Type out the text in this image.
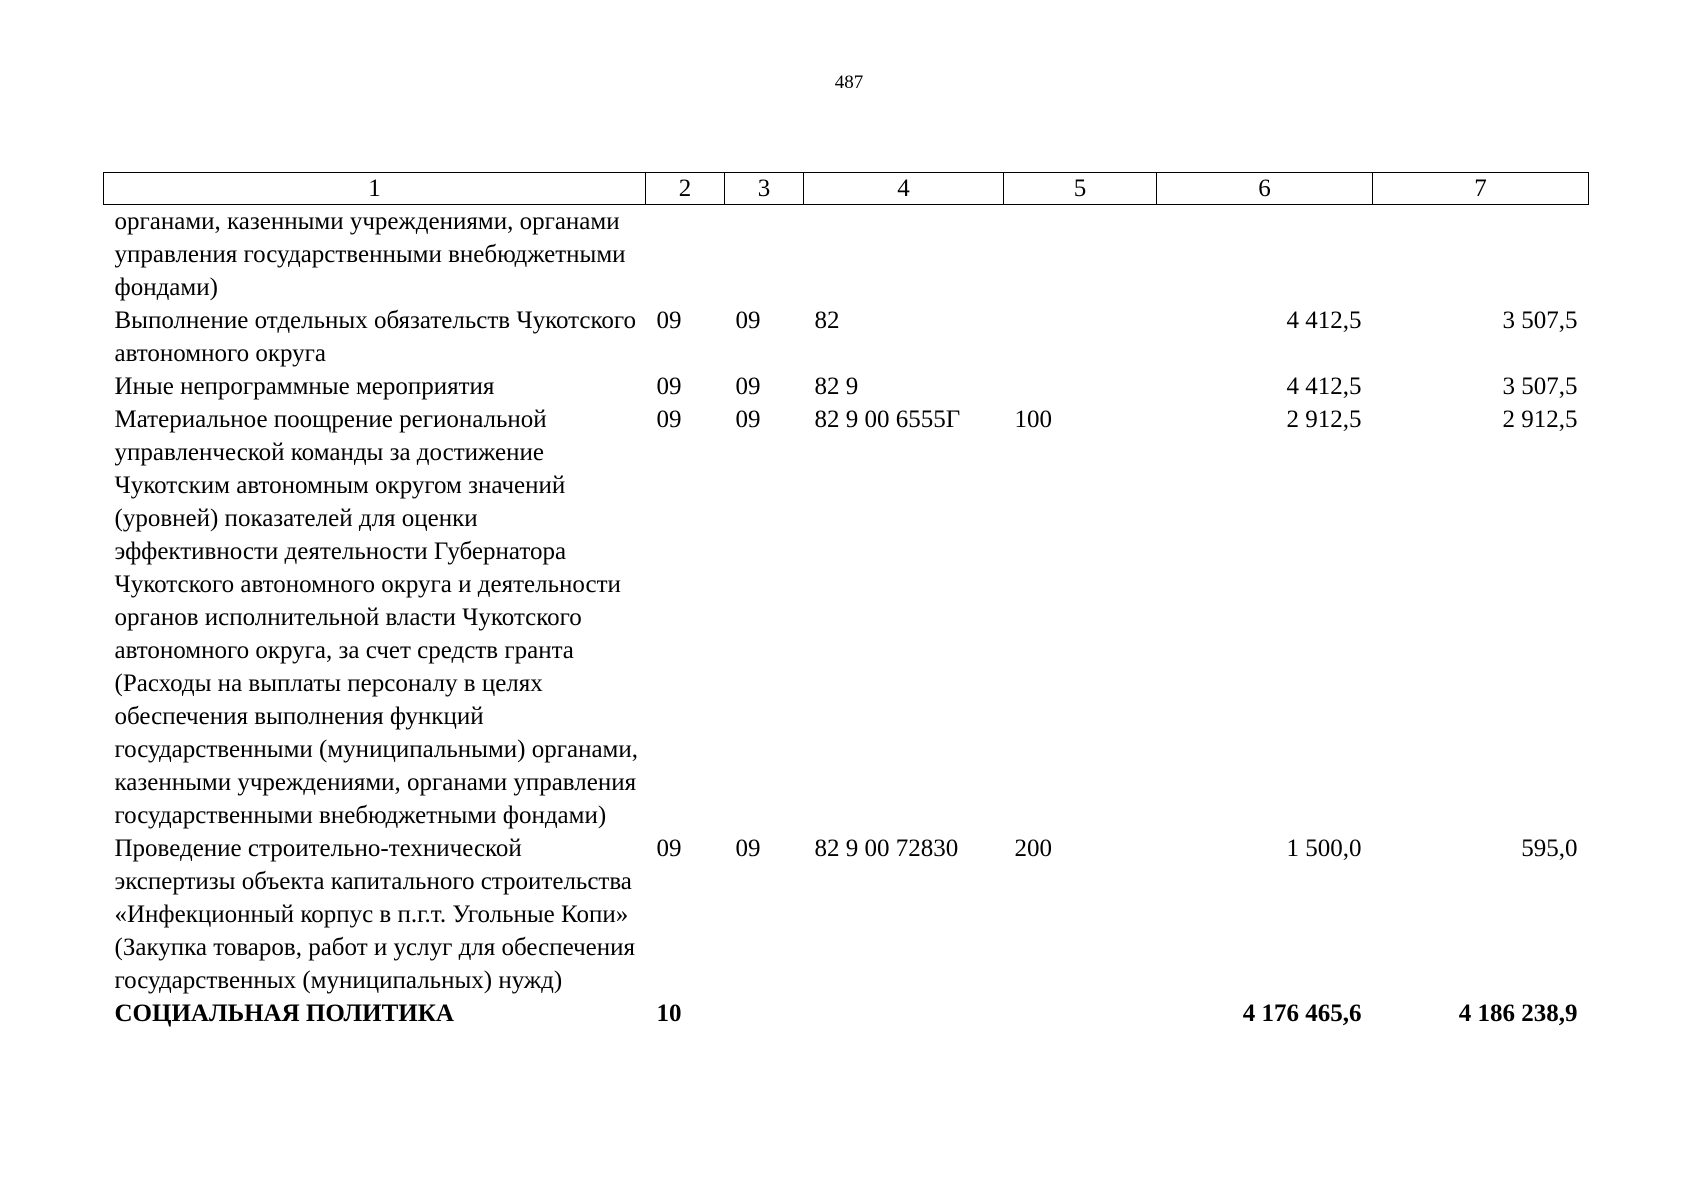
487
1	2	3	4	5	6	7
органами, казенными учреждениями, органами управления государственными внебюджетными фондами)						
Выполнение отдельных обязательств Чукотского автономного округа	09	09	82		4 412,5	3 507,5
Иные непрограммные мероприятия	09	09	82 9		4 412,5	3 507,5
Материальное поощрение региональной управленческой команды за достижение Чукотским автономным округом значений (уровней) показателей для оценки эффективности деятельности Губернатора Чукотского автономного округа и деятельности органов исполнительной власти Чукотского автономного округа, за счет средств гранта (Расходы на выплаты персоналу в целях обеспечения выполнения функций государственными (муниципальными) органами, казенными учреждениями, органами управления государственными внебюджетными фондами)	09	09	82 9 00 6555Г	100	2 912,5	2 912,5
Проведение строительно-технической экспертизы объекта капитального строительства «Инфекционный корпус в п.г.т. Угольные Копи» (Закупка товаров, работ и услуг для обеспечения государственных (муниципальных) нужд)	09	09	82 9 00 72830	200	1 500,0	595,0
СОЦИАЛЬНАЯ ПОЛИТИКА	10				4 176 465,6	4 186 238,9
